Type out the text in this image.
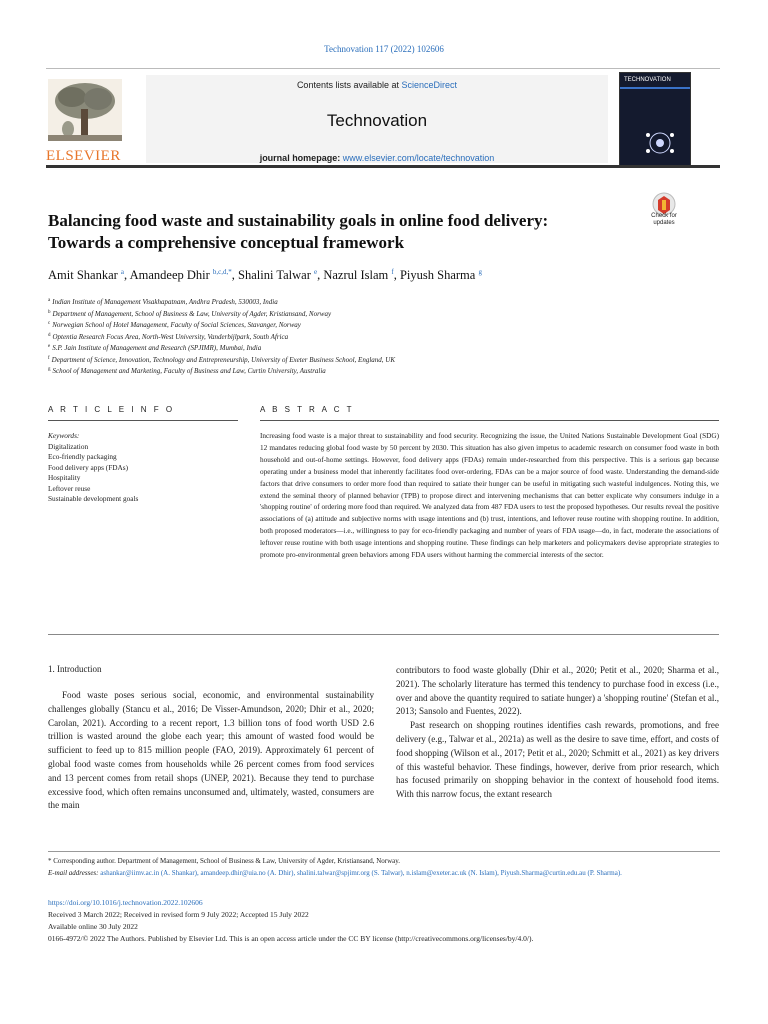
Technovation 117 (2022) 102606
ELSEVIER
Contents lists available at ScienceDirect
Technovation
journal homepage: www.elsevier.com/locate/technovation
TECHNOVATION
Balancing food waste and sustainability goals in online food delivery:
Towards a comprehensive conceptual framework
Check for updates
Amit Shankar $^a$, Amandeep Dhir $^{b,c,d,*}$, Shalini Talwar $^e$, Nazrul Islam $^f$, Piyush Sharma $^g$
$^a$ Indian Institute of Management Visakhapatnam, Andhra Pradesh, 530003, India
$^b$ Department of Management, School of Business & Law, University of Agder, Kristiansand, Norway
$^c$ Norwegian School of Hotel Management, Faculty of Social Sciences, Stavanger, Norway
$^d$ Optentia Research Focus Area, North-West University, Vanderbijlpark, South Africa
$^e$ S.P. Jain Institute of Management and Research (SPJIMR), Mumbai, India
$^f$ Department of Science, Innovation, Technology and Entrepreneurship, University of Exeter Business School, England, UK
$^g$ School of Management and Marketing, Faculty of Business and Law, Curtin University, Australia
A R T I C L E I N F O	A B S T R A C T
Keywords:
Digitalization
Eco-friendly packaging
Food delivery apps (FDAs)
Hospitality
Leftover reuse
Sustainable development goals
Increasing food waste is a major threat to sustainability and food security. Recognizing the issue, the United Nations Sustainable Development Goal (SDG) 12 mandates reducing global food waste by 50 percent by 2030. This situation has also given impetus to academic research on consumer food waste in both household and out-of-home settings. However, food delivery apps (FDAs) remain under-researched from this perspective. This is a serious gap because operating under a business model that inherently facilitates food over-ordering, FDAs can be a major source of food waste. Understanding the demand-side factors that drive consumers to order more food than required to satiate their hunger can be useful in mitigating such wasteful indulgences. Noting this, we extend the seminal theory of planned behavior (TPB) to propose direct and intervening mechanisms that can better explicate why consumers indulge in a 'shopping routine' of ordering more food than required. We analyzed data from 487 FDA users to test the proposed hypotheses. Our results reveal the positive associations of (a) attitude and subjective norms with usage intentions and (b) trust, intentions, and leftover reuse routine with shopping routine. In addition, both proposed moderators—i.e., willingness to pay for eco-friendly packaging and number of years of FDA usage—do, in fact, moderate the associations of leftover reuse routine with both usage intentions and shopping routine. These findings can help marketers and policymakers devise appropriate strategies to promote pro-environmental green behaviors among FDA users without harming the commercial interests of the sector.
1. Introduction

Food waste poses serious social, economic, and environmental sustainability challenges globally (Stancu et al., 2016; De Visser-Amundson, 2020; Dhir et al., 2020; Carolan, 2021). According to a recent report, 1.3 billion tons of food worth USD 2.6 trillion is wasted around the globe each year; this amount of wasted food would be sufficient to feed up to 815 million people (FAO, 2019). Approximately 61 percent of global food waste comes from households while 26 percent comes from food services and 13 percent comes from retail shops (UNEP, 2021). Because they tend to purchase excessive food, which often remains unconsumed and, ultimately, wasted, consumers are the main

contributors to food waste globally (Dhir et al., 2020; Petit et al., 2020; Sharma et al., 2021). The scholarly literature has termed this tendency to purchase food in excess (i.e., over and above the quantity required to satiate hunger) a 'shopping routine' (Stefan et al., 2013; Sansolo and Fuentes, 2022).

Past research on shopping routines identifies cash rewards, promotions, and free delivery (e.g., Talwar et al., 2021a) as well as the desire to save time, effort, and costs of food shopping (Wilson et al., 2017; Petit et al., 2020; Schmitt et al., 2021) as key drivers of this wasteful behavior. These findings, however, derive from prior research, which has focused primarily on shopping behavior in the context of household food items. With this narrow focus, the extant research

* Corresponding author. Department of Management, School of Business & Law, University of Agder, Kristiansand, Norway.

E-mail addresses: ashankar@iimv.ac.in (A. Shankar), amandeep.dhir@uia.no (A. Dhir), shalini.talwar@spjimr.org (S. Talwar), n.islam@exeter.ac.uk (N. Islam), Piyush.Sharma@curtin.edu.au (P. Sharma).

https://doi.org/10.1016/j.technovation.2022.102606
Received 3 March 2022; Received in revised form 9 July 2022; Accepted 15 July 2022
Available online 30 July 2022
0166-4972/© 2022 The Authors. Published by Elsevier Ltd. This is an open access article under the CC BY license (http://creativecommons.org/licenses/by/4.0/).
